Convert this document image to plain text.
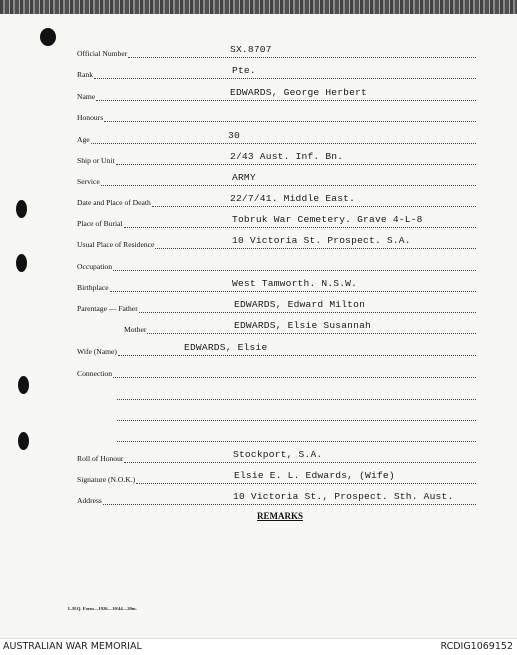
Official Number	SX.8707
Rank	Pte.
Name	EDWARDS, George Herbert
Honours
Age	30
Ship or Unit	2/43 Aust. Inf. Bn.
Service	ARMY
Date and Place of Death	22/7/41. Middle East.
Place of Burial	Tobruk War Cemetery. Grave 4-L-8
Usual Place of Residence	10 Victoria St. Prospect. S.A.
Occupation
Birthplace	West Tamworth. N.S.W.
Parentage — Father	EDWARDS, Edward Milton
Mother	EDWARDS, Elsie Susannah
Wife (Name)	EDWARDS, Elsie
Connection
Roll of Honour	Stockport, S.A.
Signature (N.O.K.)	Elsie E. L. Edwards, (Wife)
Address	10 Victoria St., Prospect. Sth. Aust.
REMARKS
L.H.Q. Form—1926—10/44—20m.
AUSTRALIAN WAR MEMORIAL	RCDIG1069152
